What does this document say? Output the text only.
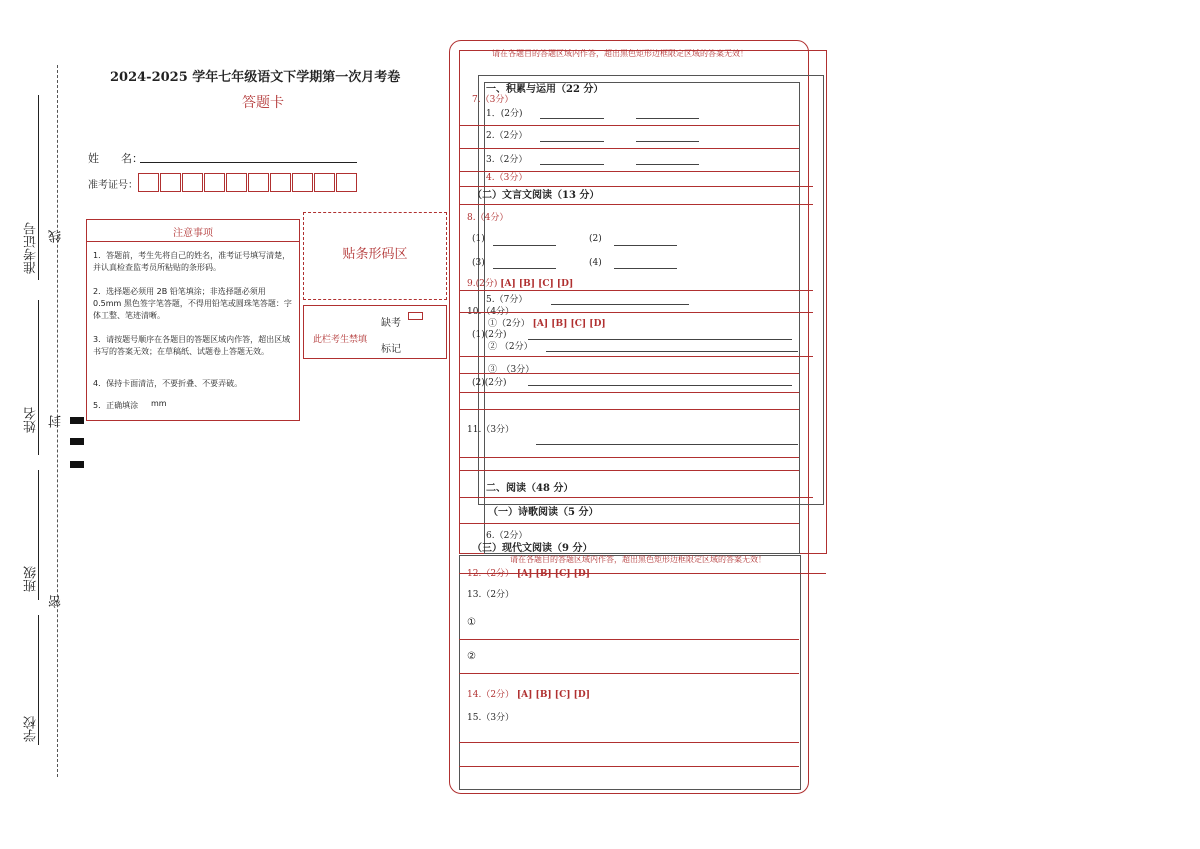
准考证号
姓名
班级
学校
线
封
密
2024-2025 学年七年级语文下学期第一次月考卷
答题卡
姓　　名：
准考证号：
注意事项
1．答题前，考生先将自己的姓名，准考证号填写清楚，并认真检查监考员所粘贴的条形码。
2．选择题必须用 2B 铅笔填涂；非选择题必须用0.5mm 黑色签字笔答题，不得用铅笔或圆珠笔答题：字体工整、笔迹清晰。
3．请按题号顺序在各题目的答题区域内作答，超出区域书写的答案无效；在草稿纸、试题卷上答题无效。
4．保持卡面清洁，不要折叠、不要弄破。
5．正确填涂	mm
贴条形码区
此栏考生禁填
缺考
标记
请在各题目的答题区域内作答，超出黑色矩形边框限定区域的答案无效！
一、积累与运用（22 分）
7.（3分）
1．(2分)
2.（2分）
3.（2分）
4.（3分）
（二）文言文阅读（13 分）
8.（4分）
(1)	(2)
(3)	(4)
9.(2分) [A] [B] [C] [D]
5.（7分）
10.（4分）
①（2分） [A] [B] [C] [D]
(1)(2分)
② （2分）
③　（3分）
(2)(2分)
11.（3分）
二、阅读（48 分）
（一）诗歌阅读（5 分）
6.（2分）
（三）现代文阅读（9 分）
请在各题目的答题区域内作答，超出黑色矩形边框限定区域的答案无效！
12.（2分） [A] [B] [C] [D]
13.（2分）
①
②
14.（2分） [A] [B] [C] [D]
15.（3分）
